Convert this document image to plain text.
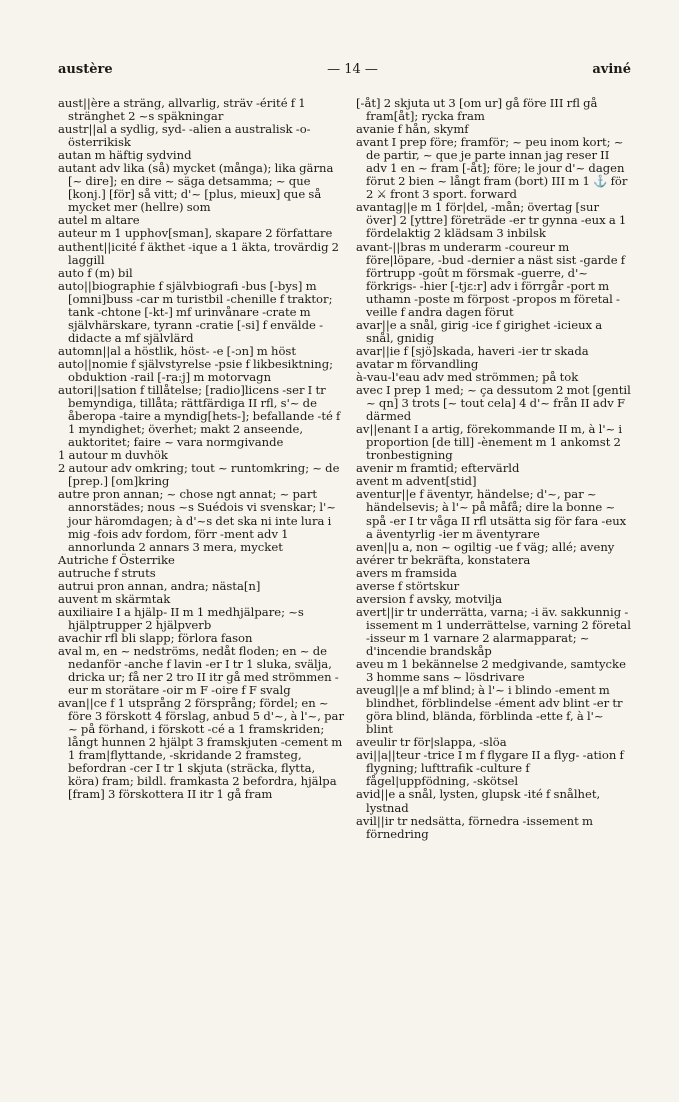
austère	— 14 —	aviné

aust||ère a sträng, allvarlig, sträv -érité f 1 stränghet 2 ~s späkningar

austr||al a sydlig, syd- -alien a australisk -o- österrikisk

autan m häftig sydvind

autant adv lika (så) mycket (många); lika gärna [~ dire]; en dire ~ säga detsamma; ~ que [konj.] [för] så vitt; d'~ [plus, mieux] que så mycket mer (hellre) som

autel m altare

auteur m 1 upphov[sman], skapare 2 författare

authent||icité f äkthet -ique a 1 äkta, trovärdig 2 laggill

auto f (m) bil

auto||biographie f självbiografi -bus [-bys] m [omni]buss -car m turistbil -chenille f traktor; tank -chtone [-kt-] mf urinvånare -crate m självhärskare, tyrann -cratie [-si] f envälde -didacte a mf självlärd

automn||al a höstlik, höst- -e [-ɔn] m höst

auto||nomie f självstyrelse -psie f likbesiktning; obduktion -rail [-ra:j] m motorvagn

autori||sation f tillåtelse; [radio]licens -ser I tr bemyndiga, tillåta; rättfärdiga II rfl, s'~ de åberopa -taire a myndig[hets-]; befallande -té f 1 myndighet; överhet; makt 2 anseende, auktoritet; faire ~ vara normgivande

1 autour m duvhök

2 autour adv omkring; tout ~ runtomkring; ~ de [prep.] [om]kring

autre pron annan; ~ chose ngt annat; ~ part annorstädes; nous ~s Suédois vi svenskar; l'~ jour häromdagen; à d'~s det ska ni inte lura i mig -fois adv fordom, förr -ment adv 1 annorlunda 2 annars 3 mera, mycket

Autriche f Österrike

autruche f struts

autrui pron annan, andra; nästa[n]

auvent m skärmtak

auxiliaire I a hjälp- II m 1 medhjälpare; ~s hjälptrupper 2 hjälpverb

avachir rfl bli slapp; förlora fason

aval m, en ~ nedströms, nedåt floden; en ~ de nedanför -anche f lavin -er I tr 1 sluka, svälja, dricka ur; få ner 2 tro II itr gå med strömmen -eur m storätare -oir m F -oire f F svalg

avan||ce f 1 utsprång 2 försprång; fördel; en ~ före 3 förskott 4 förslag, anbud 5 d'~, à l'~, par ~ på förhand, i förskott -cé a 1 framskriden; långt hunnen 2 hjälpt 3 framskjuten -cement m 1 fram|flyttande, -skridande 2 framsteg, befordran -cer I tr 1 skjuta (sträcka, flytta, köra) fram; bildl. framkasta 2 befordra, hjälpa [fram] 3 förskottera II itr 1 gå fram

[-åt] 2 skjuta ut 3 [om ur] gå före III rfl gå fram[åt]; rycka fram

avanie f hån, skymf

avant I prep före; framför; ~ peu inom kort; ~ de partir, ~ que je parte innan jag reser II adv 1 en ~ fram [-åt]; före; le jour d'~ dagen förut 2 bien ~ långt fram (bort) III m 1 ⚓ för 2 ⚔ front 3 sport. forward

avantag||e m 1 för|del, -mån; övertag [sur över] 2 [yttre] företräde -er tr gynna -eux a 1 fördelaktig 2 klädsam 3 inbilsk

avant-||bras m underarm -coureur m före|löpare, -bud -dernier a näst sist -garde f förtrupp -goût m försmak -guerre, d'~ förkrigs- -hier [-tjɛ:r] adv i förrgår -port m uthamn -poste m förpost -propos m företal -veille f andra dagen förut

avar||e a snål, girig -ice f girighet -icieux a snål, gnidig

avar||ie f [sjö]skada, haveri -ier tr skada

avatar m förvandling

à-vau-l'eau adv med strömmen; på tok

avec I prep 1 med; ~ ça dessutom 2 mot [gentil ~ qn] 3 trots [~ tout cela] 4 d'~ från II adv F därmed

av||enant I a artig, förekommande II m, à l'~ i proportion [de till] -ènement m 1 ankomst 2 tronbestigning

avenir m framtid; eftervärld

avent m advent[stid]

aventur||e f äventyr, händelse; d'~, par ~ händelsevis; à l'~ på måfå; dire la bonne ~ spå -er I tr våga II rfl utsätta sig för fara -eux a äventyrlig -ier m äventyrare

aven||u a, non ~ ogiltig -ue f väg; allé; aveny

avérer tr bekräfta, konstatera

avers m framsida

averse f störtskur

aversion f avsky, motvilja

avert||ir tr underrätta, varna; -i äv. sakkunnig -issement m 1 underrättelse, varning 2 företal -isseur m 1 varnare 2 alarmapparat; ~ d'incendie brandskåp

aveu m 1 bekännelse 2 medgivande, samtycke 3 homme sans ~ lösdrivare

aveugl||e a mf blind; à l'~ i blindo -ement m blindhet, förblindelse -ément adv blint -er tr göra blind, blända, förblinda -ette f, à l'~ blint

aveulir tr för|slappa, -slöa

avi||a||teur -trice I m f flygare II a flyg- -ation f flygning; lufttrafik -culture f fågel|uppfödning, -skötsel

avid||e a snål, lysten, glupsk -ité f snålhet, lystnad

avil||ir tr nedsätta, förnedra -issement m förnedring
